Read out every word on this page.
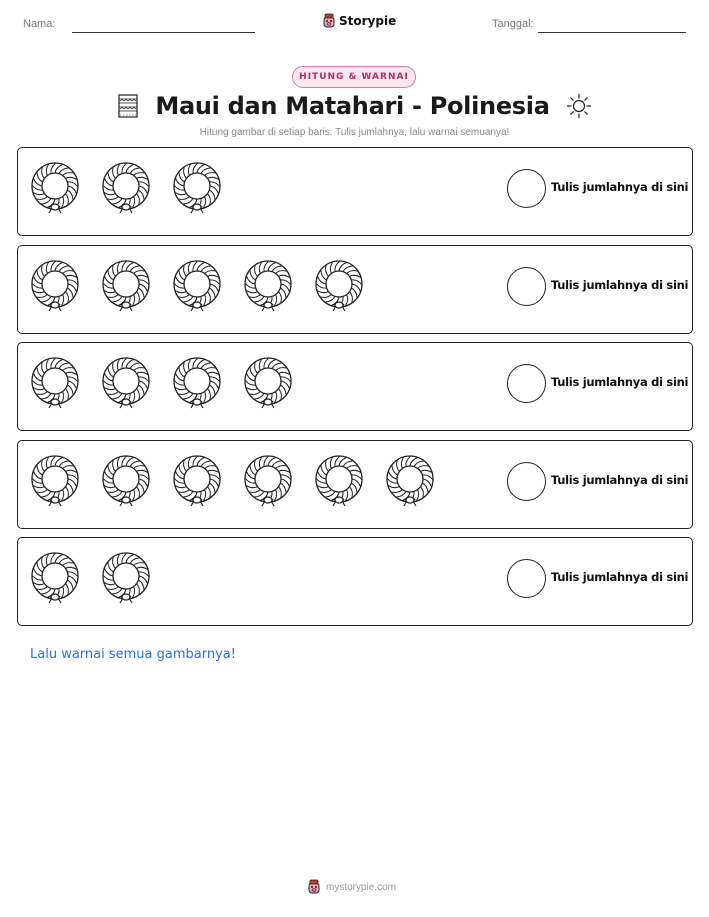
Nama:	Storypie	Tanggal:
HITUNG & WARNAI
Maui dan Matahari - Polinesia
Hitung gambar di setiap baris. Tulis jumlahnya, lalu warnai semuanya!
Tulis jumlahnya di sini
Tulis jumlahnya di sini
Tulis jumlahnya di sini
Tulis jumlahnya di sini
Tulis jumlahnya di sini
Lalu warnai semua gambarnya!
mystorypie.com
